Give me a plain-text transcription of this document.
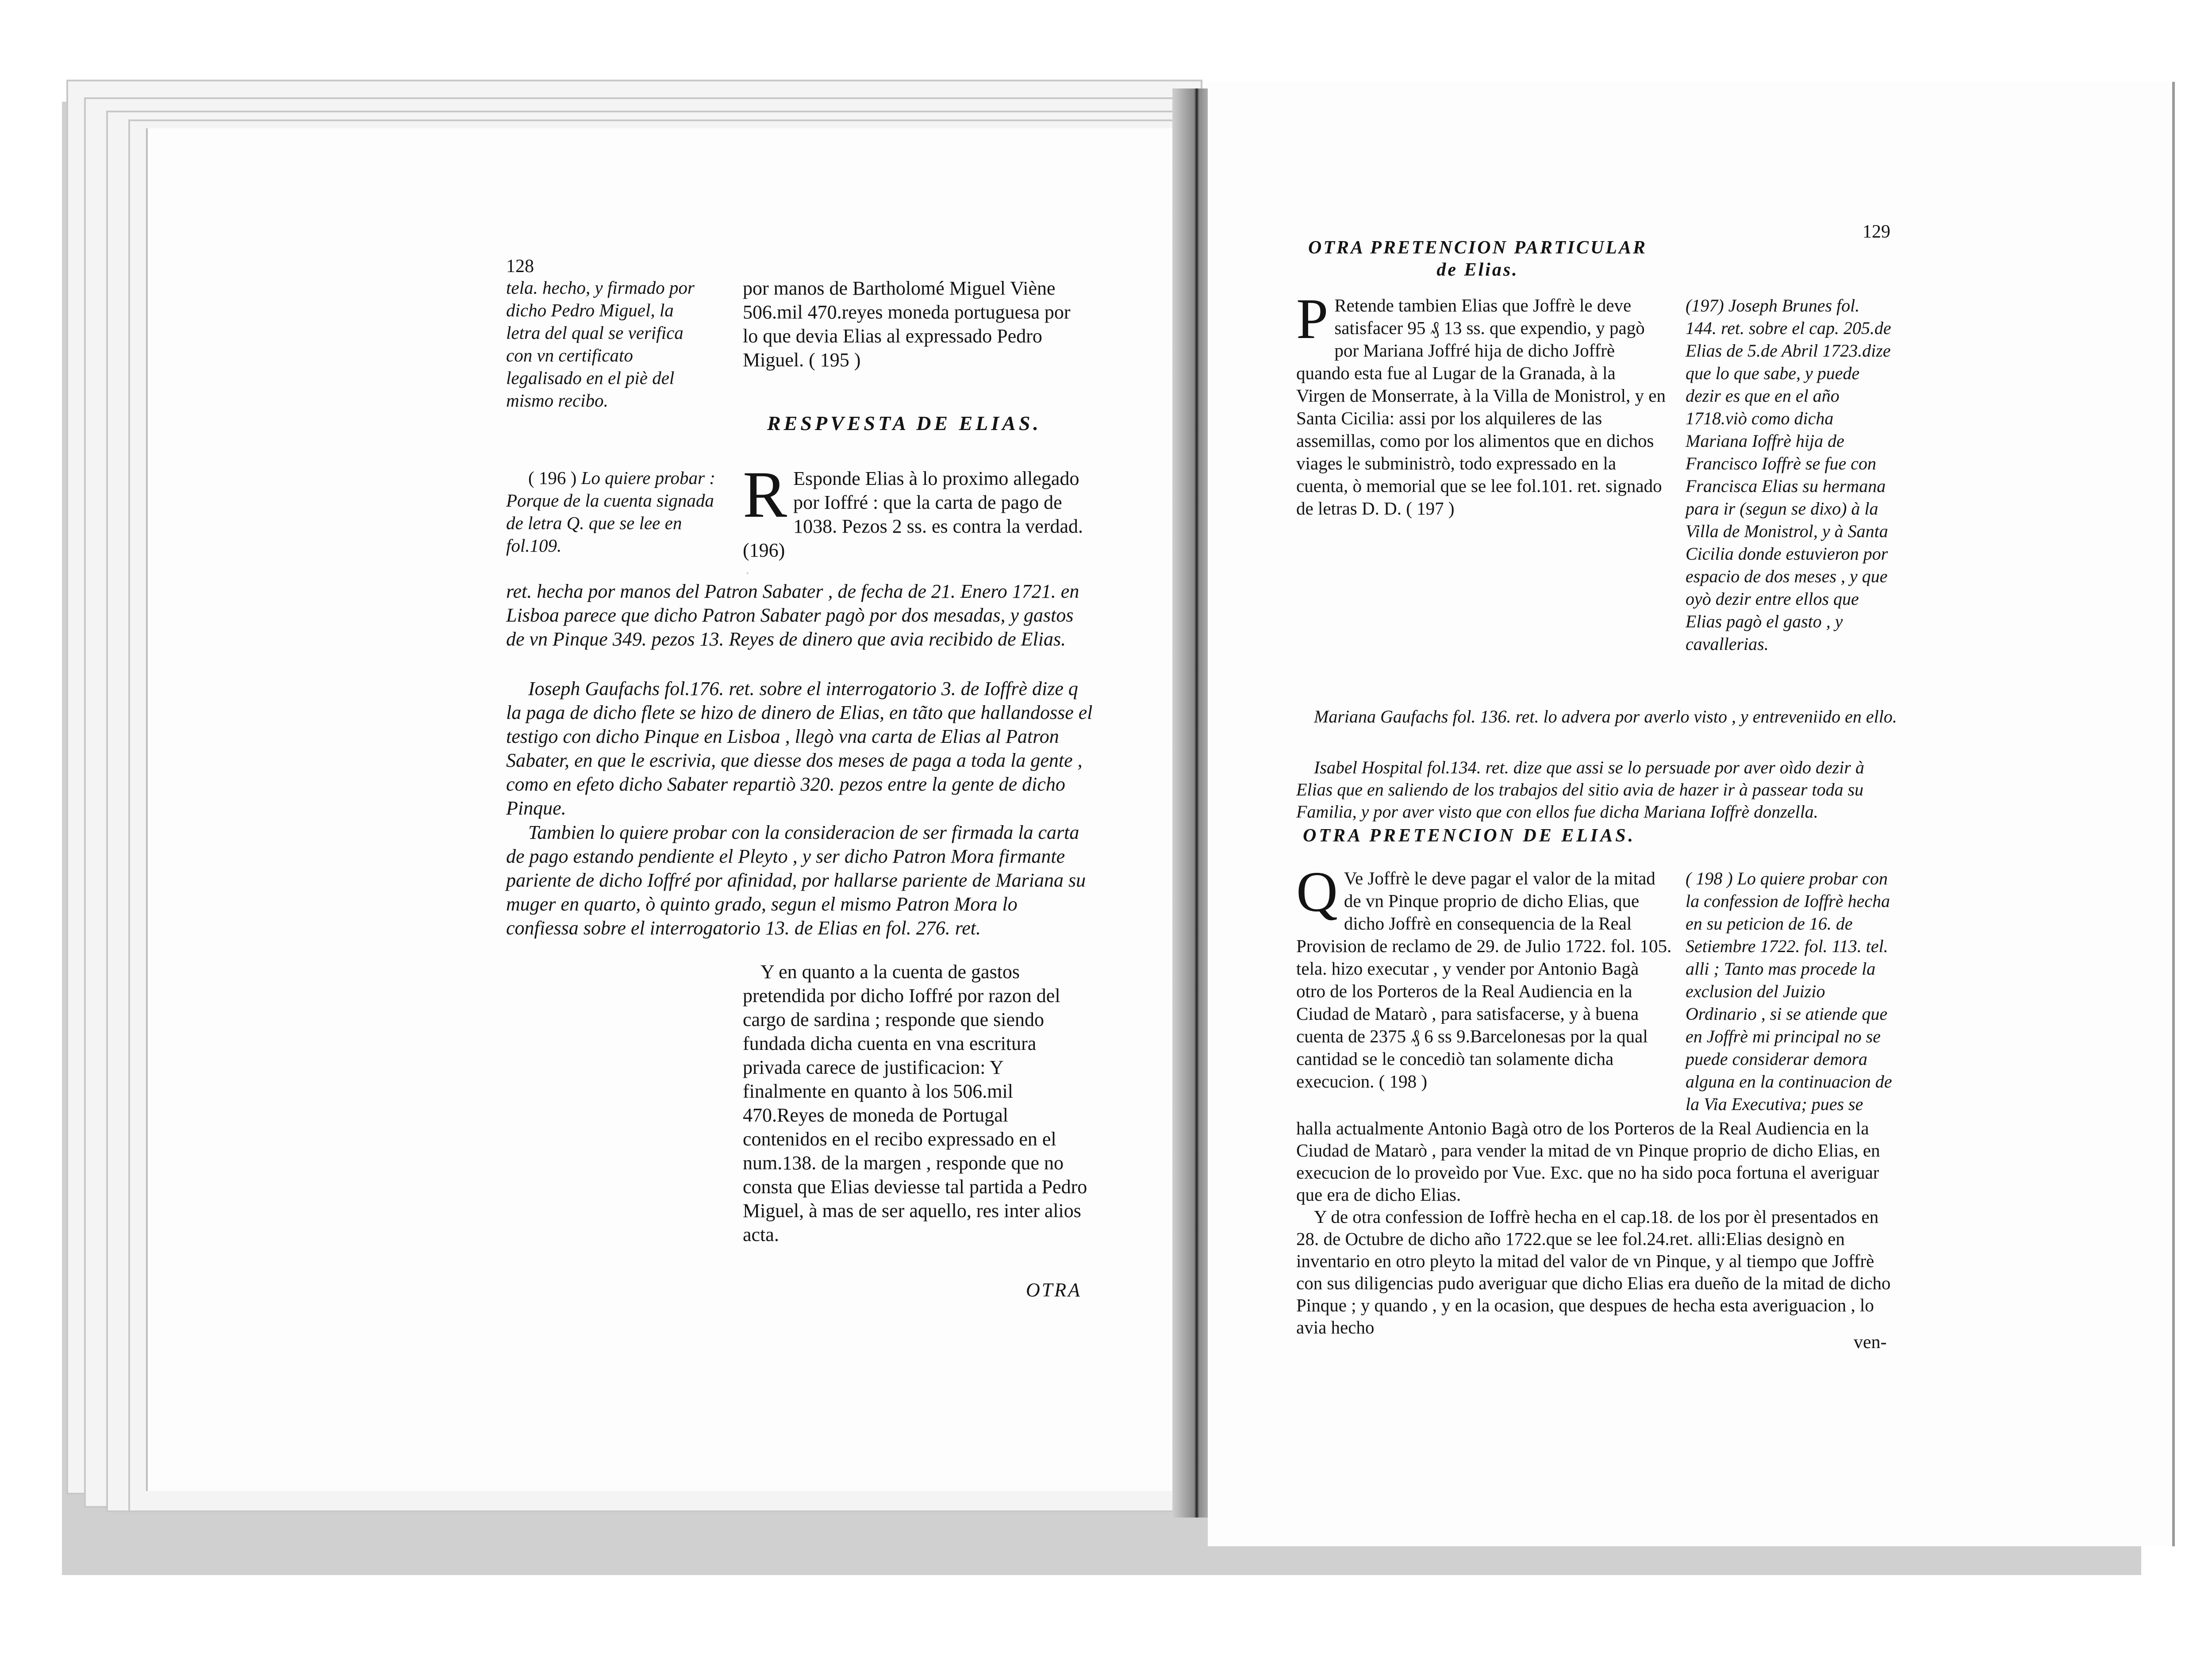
128

·

tela. hecho, y firmado por dicho Pedro Miguel, la letra del qual se verifica con vn certificato legalisado en el piè del mismo recibo.

por manos de Bartholomé Miguel Viène 506.mil 470.reyes moneda portuguesa por lo que devia Elias al expressado Pedro Miguel. ( 195 )

RESPVESTA DE ELIAS.
( 196 ) Lo quiere probar : Porque de la cuenta signada de letra Q. que se lee en fol.109.
R Esponde Elias à lo proximo allegado por Ioffré : que la carta de pago de 1038. Pezos 2 ss. es contra la verdad. (196)

ret. hecha por manos del Patron Sabater , de fecha de 21. Enero 1721. en Lisboa parece que dicho Patron Sabater pagò por dos mesadas, y gastos de vn Pinque 349. pezos 13. Reyes de dinero que avia recibido de Elias.

Ioseph Gaufachs fol.176. ret. sobre el interrogatorio 3. de Ioffrè dize q la paga de dicho flete se hizo de dinero de Elias, en tãto que hallandosse el testigo con dicho Pinque en Lisboa , llegò vna carta de Elias al Patron Sabater, en que le escrivia, que diesse dos meses de paga a toda la gente , como en efeto dicho Sabater repartiò 320. pezos entre la gente de dicho Pinque.

Tambien lo quiere probar con la consideracion de ser firmada la carta de pago estando pendiente el Pleyto , y ser dicho Patron Mora firmante pariente de dicho Ioffré por afinidad, por hallarse pariente de Mariana su muger en quarto, ò quinto grado, segun el mismo Patron Mora lo confiessa sobre el interrogatorio 13. de Elias en fol. 276. ret.

Y en quanto a la cuenta de gastos pretendida por dicho Ioffré por razon del cargo de sardina ; responde que siendo fundada dicha cuenta en vna escritura privada carece de justificacion: Y finalmente en quanto à los 506.mil 470.Reyes de moneda de Portugal contenidos en el recibo expressado en el num.138. de la margen , responde que no consta que Elias deviesse tal partida a Pedro Miguel, à mas de ser aquello, res inter alios acta.

OTRA
129
OTRA PRETENCION PARTICULAR de Elias.
P Retende tambien Elias que Joffrè le deve satisfacer 95 ₰ 13 ss. que expendio, y pagò por Mariana Joffré hija de dicho Joffrè quando esta fue al Lugar de la Granada, à la Virgen de Monserrate, à la Villa de Monistrol, y en Santa Cicilia: assi por los alquileres de las assemillas, como por los alimentos que en dichos viages le subministrò, todo expressado en la cuenta, ò memorial que se lee fol.101. ret. signado de letras D. D. ( 197 )

(197) Joseph Brunes fol. 144. ret. sobre el cap. 205.de Elias de 5.de Abril 1723.dize que lo que sabe, y puede dezir es que en el año 1718.viò como dicha Mariana Ioffrè hija de Francisco Ioffrè se fue con Francisca Elias su hermana para ir (segun se dixo) à la Villa de Monistrol, y à Santa Cicilia donde estuvieron por espacio de dos meses , y que oyò dezir entre ellos que Elias pagò el gasto , y cavallerias.

Mariana Gaufachs fol. 136. ret. lo advera por averlo visto , y entreveniido en ello.

Isabel Hospital fol.134. ret. dize que assi se lo persuade por aver oìdo dezir à Elias que en saliendo de los trabajos del sitio avia de hazer ir à passear toda su Familia, y por aver visto que con ellos fue dicha Mariana Ioffrè donzella.

OTRA PRETENCION DE ELIAS.
Q Ve Joffrè le deve pagar el valor de la mitad de vn Pinque proprio de dicho Elias, que dicho Joffrè en consequencia de la Real Provision de reclamo de 29. de Julio 1722. fol. 105. tela. hizo executar , y vender por Antonio Bagà otro de los Porteros de la Real Audiencia en la Ciudad de Matarò , para satisfacerse, y à buena cuenta de 2375 ₰ 6 ss 9.Barcelonesas por la qual cantidad se le concediò tan solamente dicha execucion. ( 198 )

( 198 ) Lo quiere probar con la confession de Ioffrè hecha en su peticion de 16. de Setiembre 1722. fol. 113. tel. alli ; Tanto mas procede la exclusion del Juizio Ordinario , si se atiende que en Joffrè mi principal no se puede considerar demora alguna en la continuacion de la Via Executiva; pues se

halla actualmente Antonio Bagà otro de los Porteros de la Real Audiencia en la Ciudad de Matarò , para vender la mitad de vn Pinque proprio de dicho Elias, en execucion de lo proveìdo por Vue. Exc. que no ha sido poca fortuna el averiguar que era de dicho Elias.

Y de otra confession de Ioffrè hecha en el cap.18. de los por èl presentados en 28. de Octubre de dicho año 1722.que se lee fol.24.ret. alli:Elias designò en inventario en otro pleyto la mitad del valor de vn Pinque, y al tiempo que Joffrè con sus diligencias pudo averiguar que dicho Elias era dueño de la mitad de dicho Pinque ; y quando , y en la ocasion, que despues de hecha esta averiguacion , lo avia hecho

ven-
